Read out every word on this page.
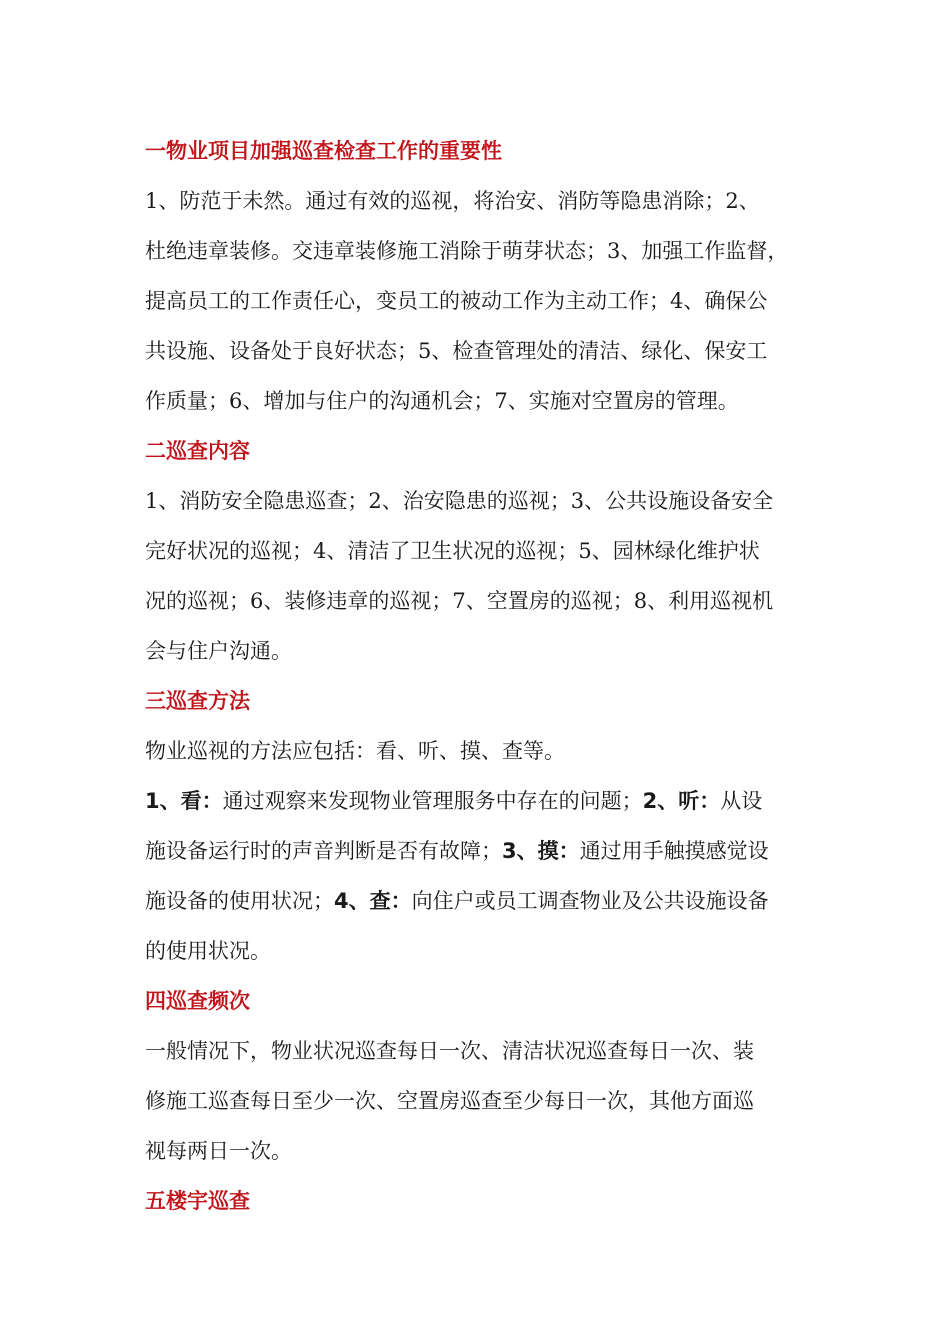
一物业项目加强巡查检查工作的重要性
1、防范于未然。通过有效的巡视，将治安、消防等隐患消除；2、
杜绝违章装修。交违章装修施工消除于萌芽状态；3、加强工作监督，
提高员工的工作责任心，变员工的被动工作为主动工作；4、确保公
共设施、设备处于良好状态；5、检查管理处的清洁、绿化、保安工
作质量；6、增加与住户的沟通机会；7、实施对空置房的管理。
二巡查内容
1、消防安全隐患巡查；2、治安隐患的巡视；3、公共设施设备安全
完好状况的巡视；4、清洁了卫生状况的巡视；5、园林绿化维护状
况的巡视；6、装修违章的巡视；7、空置房的巡视；8、利用巡视机
会与住户沟通。
三巡查方法
物业巡视的方法应包括：看、听、摸、查等。
1、看：通过观察来发现物业管理服务中存在的问题；2、听：从设
施设备运行时的声音判断是否有故障；3、摸：通过用手触摸感觉设
施设备的使用状况；4、查：向住户或员工调查物业及公共设施设备
的使用状况。
四巡查频次
一般情况下，物业状况巡查每日一次、清洁状况巡查每日一次、装
修施工巡查每日至少一次、空置房巡查至少每日一次，其他方面巡
视每两日一次。
五楼宇巡查
